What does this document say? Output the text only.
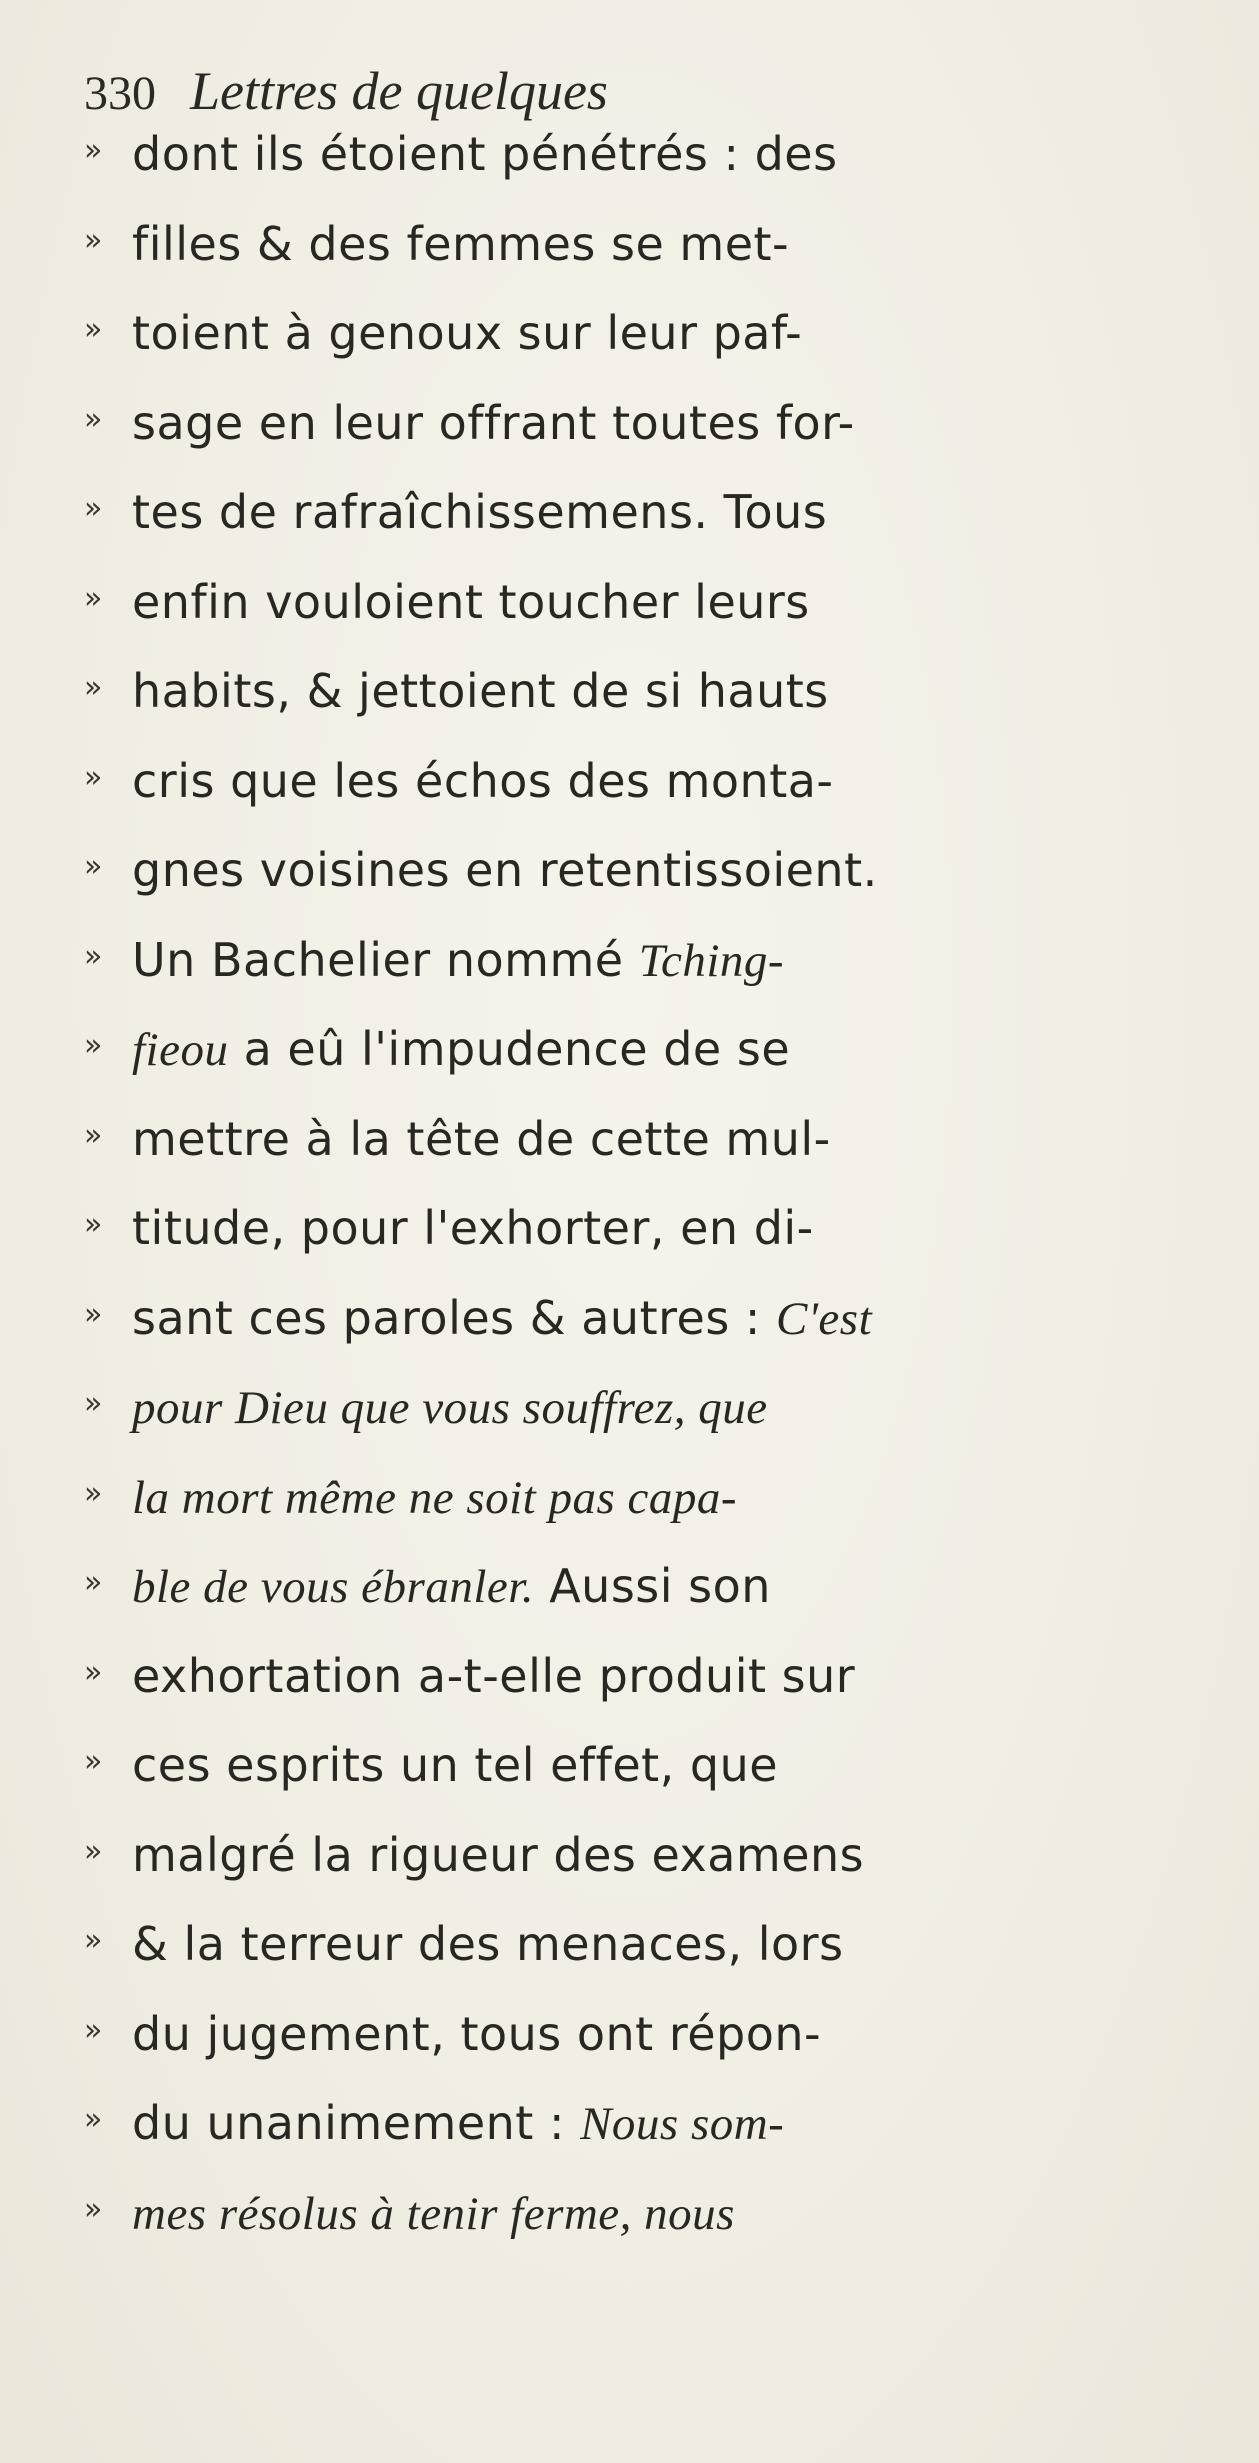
330 Lettres de quelques
» dont ils étoient pénétrés : des
» filles & des femmes se met-
» toient à genoux sur leur paf-
» sage en leur offrant toutes for-
» tes de rafraîchissemens. Tous
» enfin vouloient toucher leurs
» habits, & jettoient de si hauts
» cris que les échos des monta-
» gnes voisines en retentissoient.
» Un Bachelier nommé Tching-
» fieou a eû l'impudence de se
» mettre à la tête de cette mul-
» titude, pour l'exhorter, en di-
» sant ces paroles & autres : C'est
» pour Dieu que vous souffrez, que
» la mort même ne soit pas capa-
» ble de vous ébranler. Aussi son
» exhortation a-t-elle produit sur
» ces esprits un tel effet, que
» malgré la rigueur des examens
» & la terreur des menaces, lors
» du jugement, tous ont répon-
» du unanimement : Nous som-
» mes résolus à tenir ferme, nous
